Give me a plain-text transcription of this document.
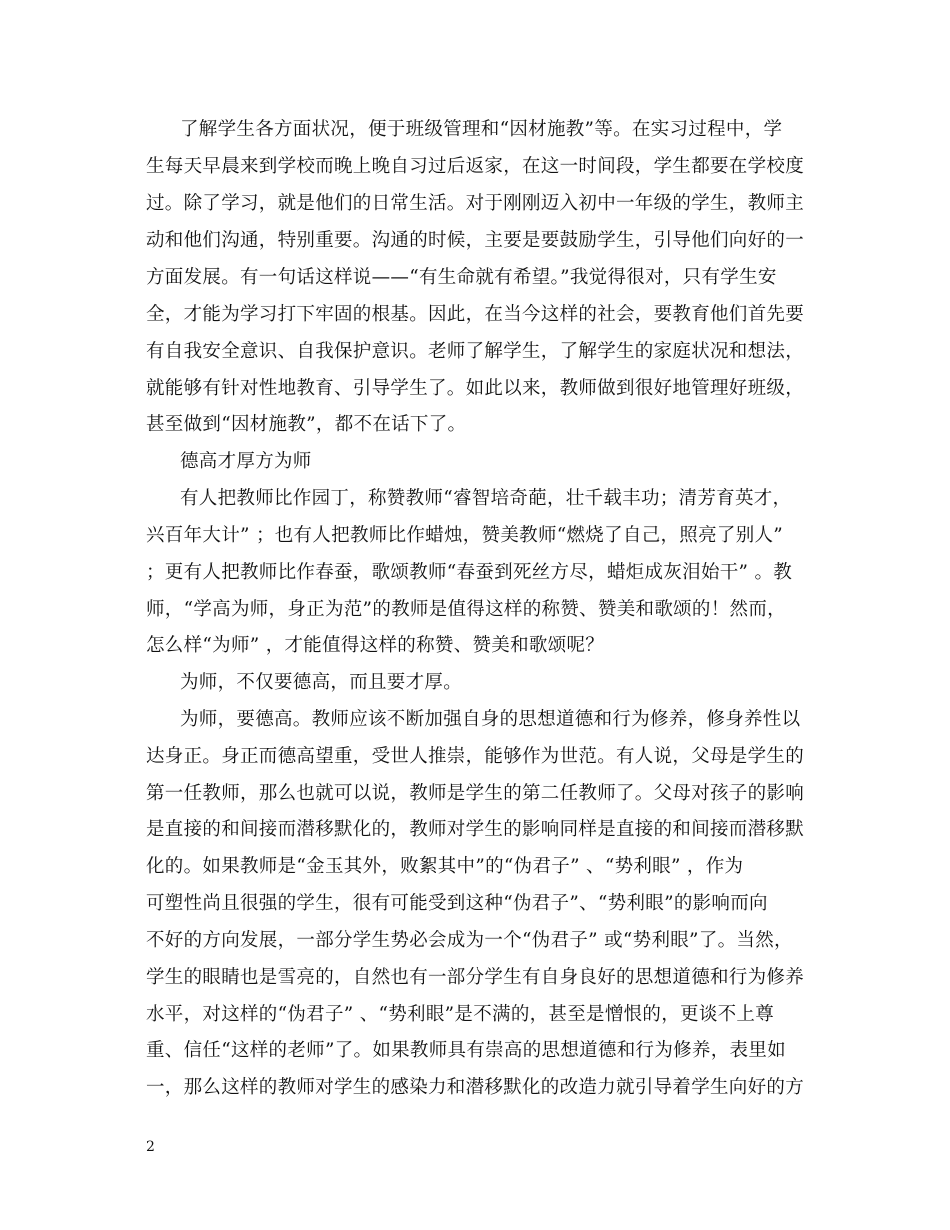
了解学生各方面状况，便于班级管理和“因材施教”等。在实习过程中，学
生每天早晨来到学校而晚上晚自习过后返家，在这一时间段，学生都要在学校度
过。除了学习，就是他们的日常生活。对于刚刚迈入初中一年级的学生，教师主
动和他们沟通，特别重要。沟通的时候，主要是要鼓励学生，引导他们向好的一
方面发展。有一句话这样说——“有生命就有希望。”我觉得很对，只有学生安
全，才能为学习打下牢固的根基。因此，在当今这样的社会，要教育他们首先要
有自我安全意识、自我保护意识。老师了解学生，了解学生的家庭状况和想法，
就能够有针对性地教育、引导学生了。如此以来，教师做到很好地管理好班级，
甚至做到“因材施教”，都不在话下了。
德高才厚方为师
有人把教师比作园丁，称赞教师“睿智培奇葩，壮千载丰功；清芳育英才，
兴百年大计” ；也有人把教师比作蜡烛，赞美教师“燃烧了自己，照亮了别人”
；更有人把教师比作春蚕，歌颂教师“春蚕到死丝方尽，蜡炬成灰泪始干” 。教
师，“学高为师，身正为范”的教师是值得这样的称赞、赞美和歌颂的！然而，
怎么样“为师” ，才能值得这样的称赞、赞美和歌颂呢？
为师，不仅要德高，而且要才厚。
为师，要德高。教师应该不断加强自身的思想道德和行为修养，修身养性以
达身正。身正而德高望重，受世人推崇，能够作为世范。有人说，父母是学生的
第一任教师，那么也就可以说，教师是学生的第二任教师了。父母对孩子的影响
是直接的和间接而潜移默化的，教师对学生的影响同样是直接的和间接而潜移默
化的。如果教师是“金玉其外，败絮其中”的“伪君子” 、“势利眼” ，作为
可塑性尚且很强的学生，很有可能受到这种“伪君子”、“势利眼”的影响而向
不好的方向发展，一部分学生势必会成为一个“伪君子” 或“势利眼”了。当然，
学生的眼睛也是雪亮的，自然也有一部分学生有自身良好的思想道德和行为修养
水平，对这样的“伪君子” 、“势利眼”是不满的，甚至是憎恨的，更谈不上尊
重、信任“这样的老师”了。如果教师具有崇高的思想道德和行为修养，表里如
一，那么这样的教师对学生的感染力和潜移默化的改造力就引导着学生向好的方
2
